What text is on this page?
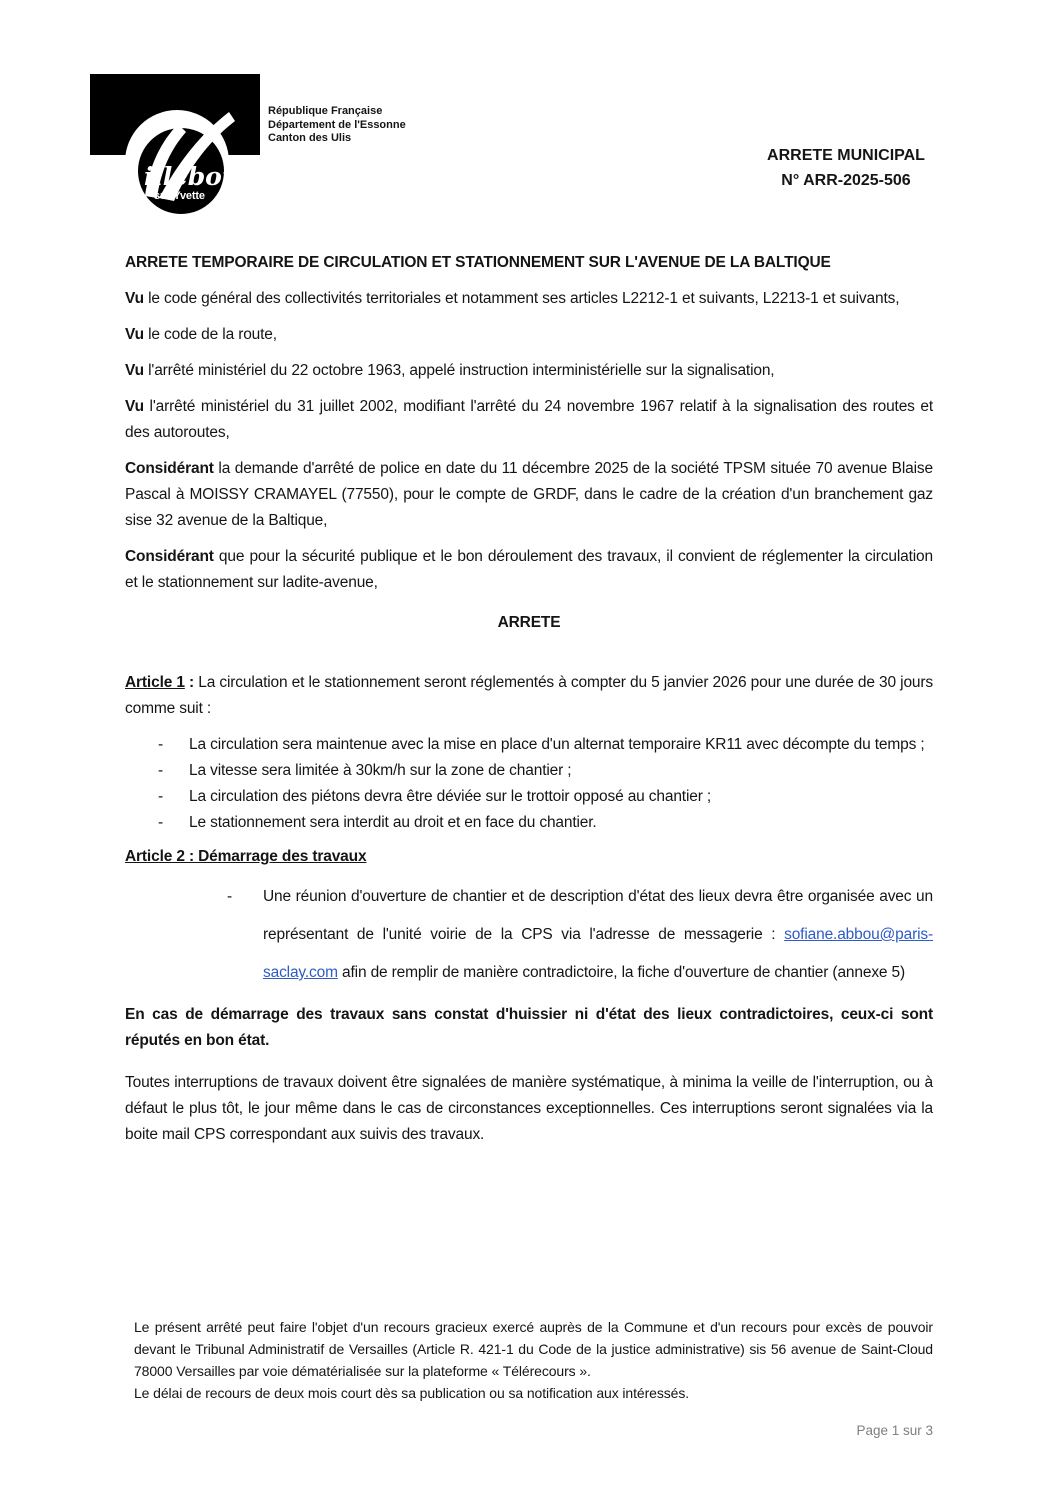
illebon
sur Yvette
République Française
Département de l'Essonne
Canton des Ulis
ARRETE MUNICIPAL
N° ARR-2025-506

ARRETE TEMPORAIRE DE CIRCULATION ET STATIONNEMENT SUR L'AVENUE DE LA BALTIQUE

Vu le code général des collectivités territoriales et notamment ses articles L2212-1 et suivants, L2213-1 et suivants,

Vu le code de la route,

Vu l'arrêté ministériel du 22 octobre 1963, appelé instruction interministérielle sur la signalisation,

Vu l'arrêté ministériel du 31 juillet 2002, modifiant l'arrêté du 24 novembre 1967 relatif à la signalisation des routes et des autoroutes,

Considérant la demande d'arrêté de police en date du 11 décembre 2025 de la société TPSM située 70 avenue Blaise Pascal à MOISSY CRAMAYEL (77550), pour le compte de GRDF, dans le cadre de la création d'un branchement gaz sise 32 avenue de la Baltique,

Considérant que pour la sécurité publique et le bon déroulement des travaux, il convient de réglementer la circulation et le stationnement sur ladite-avenue,

ARRETE

Article 1 : La circulation et le stationnement seront réglementés à compter du 5 janvier 2026 pour une durée de 30 jours comme suit :

- La circulation sera maintenue avec la mise en place d'un alternat temporaire KR11 avec décompte du temps ;
- La vitesse sera limitée à 30km/h sur la zone de chantier ;
- La circulation des piétons devra être déviée sur le trottoir opposé au chantier ;
- Le stationnement sera interdit au droit et en face du chantier.

Article 2 : Démarrage des travaux

- Une réunion d'ouverture de chantier et de description d'état des lieux devra être organisée avec un représentant de l'unité voirie de la CPS via l'adresse de messagerie : sofiane.abbou@paris-saclay.com afin de remplir de manière contradictoire, la fiche d'ouverture de chantier (annexe 5)

En cas de démarrage des travaux sans constat d'huissier ni d'état des lieux contradictoires, ceux-ci sont réputés en bon état.

Toutes interruptions de travaux doivent être signalées de manière systématique, à minima la veille de l'interruption, ou à défaut le plus tôt, le jour même dans le cas de circonstances exceptionnelles. Ces interruptions seront signalées via la boite mail CPS correspondant aux suivis des travaux.

Le présent arrêté peut faire l'objet d'un recours gracieux exercé auprès de la Commune et d'un recours pour excès de pouvoir devant le Tribunal Administratif de Versailles (Article R. 421-1 du Code de la justice administrative) sis 56 avenue de Saint-Cloud 78000 Versailles par voie dématérialisée sur la plateforme « Télérecours ».

Le délai de recours de deux mois court dès sa publication ou sa notification aux intéressés.

Page 1 sur 3
